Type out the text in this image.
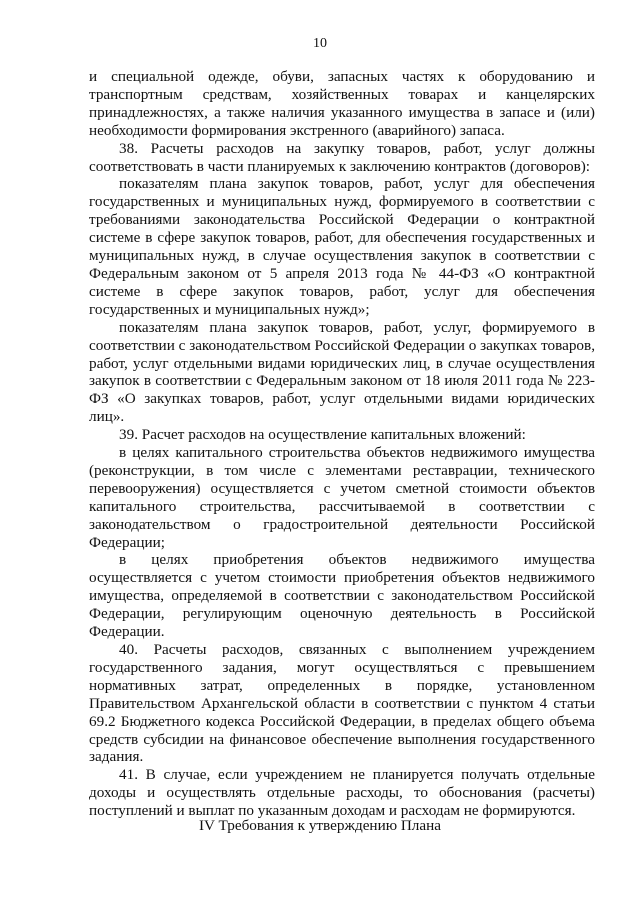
10

и специальной одежде, обуви, запасных частях к оборудованию и транспортным средствам, хозяйственных товарах и канцелярских принадлежностях, а также наличия указанного имущества в запасе и (или) необходимости формирования экстренного (аварийного) запаса.

38. Расчеты расходов на закупку товаров, работ, услуг должны соответствовать в части планируемых к заключению контрактов (договоров):

показателям плана закупок товаров, работ, услуг для обеспечения государственных и муниципальных нужд, формируемого в соответствии с требованиями законодательства Российской Федерации о контрактной системе в сфере закупок товаров, работ, для обеспечения государственных и муниципальных нужд, в случае осуществления закупок в соответствии с Федеральным законом от 5 апреля 2013 года № 44-ФЗ «О контрактной системе в сфере закупок товаров, работ, услуг для обеспечения государственных и муниципальных нужд»;

показателям плана закупок товаров, работ, услуг, формируемого в соответствии с законодательством Российской Федерации о закупках товаров, работ, услуг отдельными видами юридических лиц, в случае осуществления закупок в соответствии с Федеральным законом от 18 июля 2011 года № 223-ФЗ «О закупках товаров, работ, услуг отдельными видами юридических лиц».

39. Расчет расходов на осуществление капитальных вложений:

в целях капитального строительства объектов недвижимого имущества (реконструкции, в том числе с элементами реставрации, технического перевооружения) осуществляется с учетом сметной стоимости объектов капитального строительства, рассчитываемой в соответствии с законодательством о градостроительной деятельности Российской Федерации;

в целях приобретения объектов недвижимого имущества осуществляется с учетом стоимости приобретения объектов недвижимого имущества, определяемой в соответствии с законодательством Российской Федерации, регулирующим оценочную деятельность в Российской Федерации.

40. Расчеты расходов, связанных с выполнением учреждением государственного задания, могут осуществляться с превышением нормативных затрат, определенных в порядке, установленном Правительством Архангельской области в соответствии с пунктом 4 статьи 69.2 Бюджетного кодекса Российской Федерации, в пределах общего объема средств субсидии на финансовое обеспечение выполнения государственного задания.

41. В случае, если учреждением не планируется получать отдельные доходы и осуществлять отдельные расходы, то обоснования (расчеты) поступлений и выплат по указанным доходам и расходам не формируются.

IV Требования к утверждению Плана
